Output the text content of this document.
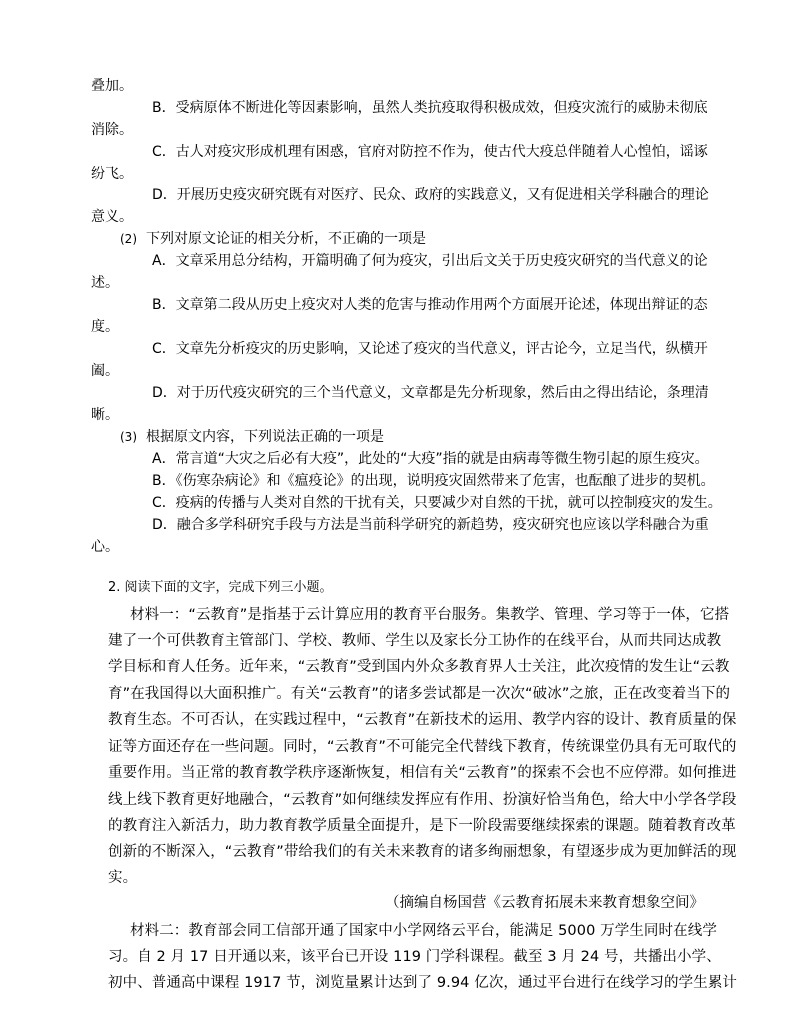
叠加。
B．受病原体不断进化等因素影响，虽然人类抗疫取得积极成效，但疫灾流行的威胁未彻底
消除。
C．古人对疫灾形成机理有困惑，官府对防控不作为，使古代大疫总伴随着人心惶怕，谣诼
纷飞。
D．开展历史疫灾研究既有对医疗、民众、政府的实践意义，又有促进相关学科融合的理论
意义。
(2) 下列对原文论证的相关分析，不正确的一项是
A．文章采用总分结构，开篇明确了何为疫灾，引出后文关于历史疫灾研究的当代意义的论
述。
B．文章第二段从历史上疫灾对人类的危害与推动作用两个方面展开论述，体现出辩证的态
度。
C．文章先分析疫灾的历史影响，又论述了疫灾的当代意义，评古论今，立足当代，纵横开
阖。
D．对于历代疫灾研究的三个当代意义，文章都是先分析现象，然后由之得出结论，条理清
晰。
(3) 根据原文内容，下列说法正确的一项是
A．常言道“大灾之后必有大疫”，此处的“大疫”指的就是由病毒等微生物引起的原生疫灾。
B．《伤寒杂病论》和《瘟疫论》的出现，说明疫灾固然带来了危害，也酝酿了进步的契机。
C．疫病的传播与人类对自然的干扰有关，只要减少对自然的干扰，就可以控制疫灾的发生。
D．融合多学科研究手段与方法是当前科学研究的新趋势，疫灾研究也应该以学科融合为重
心。
2. 阅读下面的文字，完成下列三小题。
材料一：“云教育”是指基于云计算应用的教育平台服务。集教学、管理、学习等于一体，它搭
建了一个可供教育主管部门、学校、教师、学生以及家长分工协作的在线平台，从而共同达成教
学目标和育人任务。近年来，“云教育”受到国内外众多教育界人士关注，此次疫情的发生让“云教
育”在我国得以大面积推广。有关“云教育”的诸多尝试都是一次次“破冰”之旅，正在改变着当下的
教育生态。不可否认，在实践过程中，“云教育”在新技术的运用、教学内容的设计、教育质量的保
证等方面还存在一些问题。同时，“云教育”不可能完全代替线下教育，传统课堂仍具有无可取代的
重要作用。当正常的教育教学秩序逐渐恢复，相信有关“云教育”的探索不会也不应停滞。如何推进
线上线下教育更好地融合，“云教育”如何继续发挥应有作用、扮演好恰当角色，给大中小学各学段
的教育注入新活力，助力教育教学质量全面提升，是下一阶段需要继续探索的课题。随着教育改革
创新的不断深入，“云教育”带给我们的有关未来教育的诸多绚丽想象，有望逐步成为更加鲜活的现
实。
（摘编自杨国营《云教育拓展未来教育想象空间》
材料二：教育部会同工信部开通了国家中小学网络云平台，能满足 5000 万学生同时在线学
习。自 2 月 17 日开通以来，该平台已开设 119 门学科课程。截至 3 月 24 号，共播出小学、
初中、普通高中课程 1917 节，浏览量累计达到了 9.94 亿次，通过平台进行在线学习的学生累计
